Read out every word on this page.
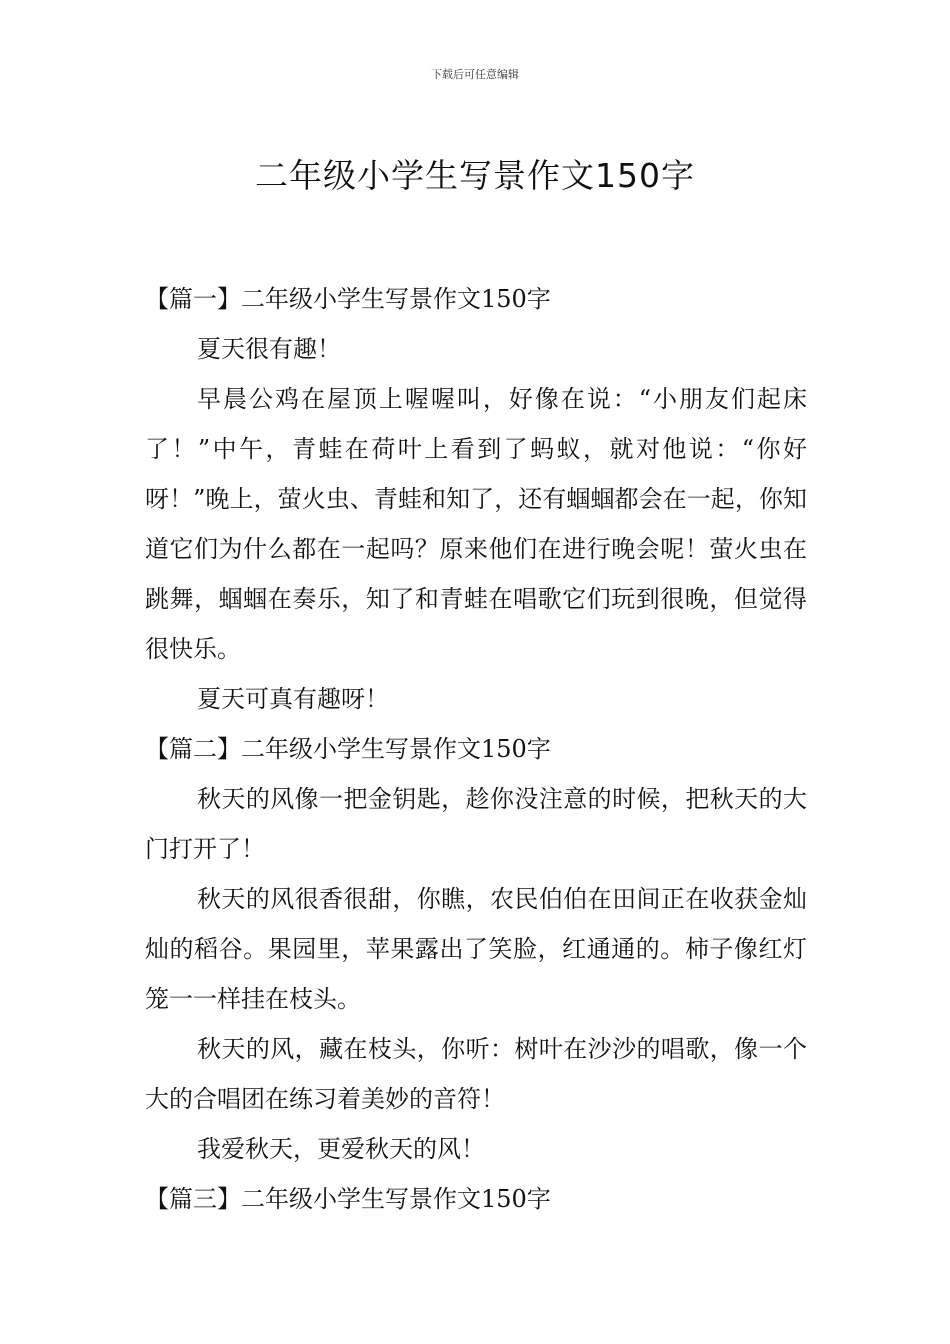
下载后可任意编辑
二年级小学生写景作文150字

【篇一】二年级小学生写景作文150字

夏天很有趣！

早晨公鸡在屋顶上喔喔叫，好像在说：“小朋友们起床了！”中午，青蛙在荷叶上看到了蚂蚁，就对他说：“你好呀！”晚上，萤火虫、青蛙和知了，还有蝈蝈都会在一起，你知道它们为什么都在一起吗？原来他们在进行晚会呢！萤火虫在跳舞，蝈蝈在奏乐，知了和青蛙在唱歌它们玩到很晚，但觉得很快乐。

夏天可真有趣呀！

【篇二】二年级小学生写景作文150字

秋天的风像一把金钥匙，趁你没注意的时候，把秋天的大门打开了！

秋天的风很香很甜，你瞧，农民伯伯在田间正在收获金灿灿的稻谷。果园里，苹果露出了笑脸，红通通的。柿子像红灯笼一一样挂在枝头。

秋天的风，藏在枝头，你听：树叶在沙沙的唱歌，像一个大的合唱团在练习着美妙的音符！

我爱秋天，更爱秋天的风！

【篇三】二年级小学生写景作文150字
